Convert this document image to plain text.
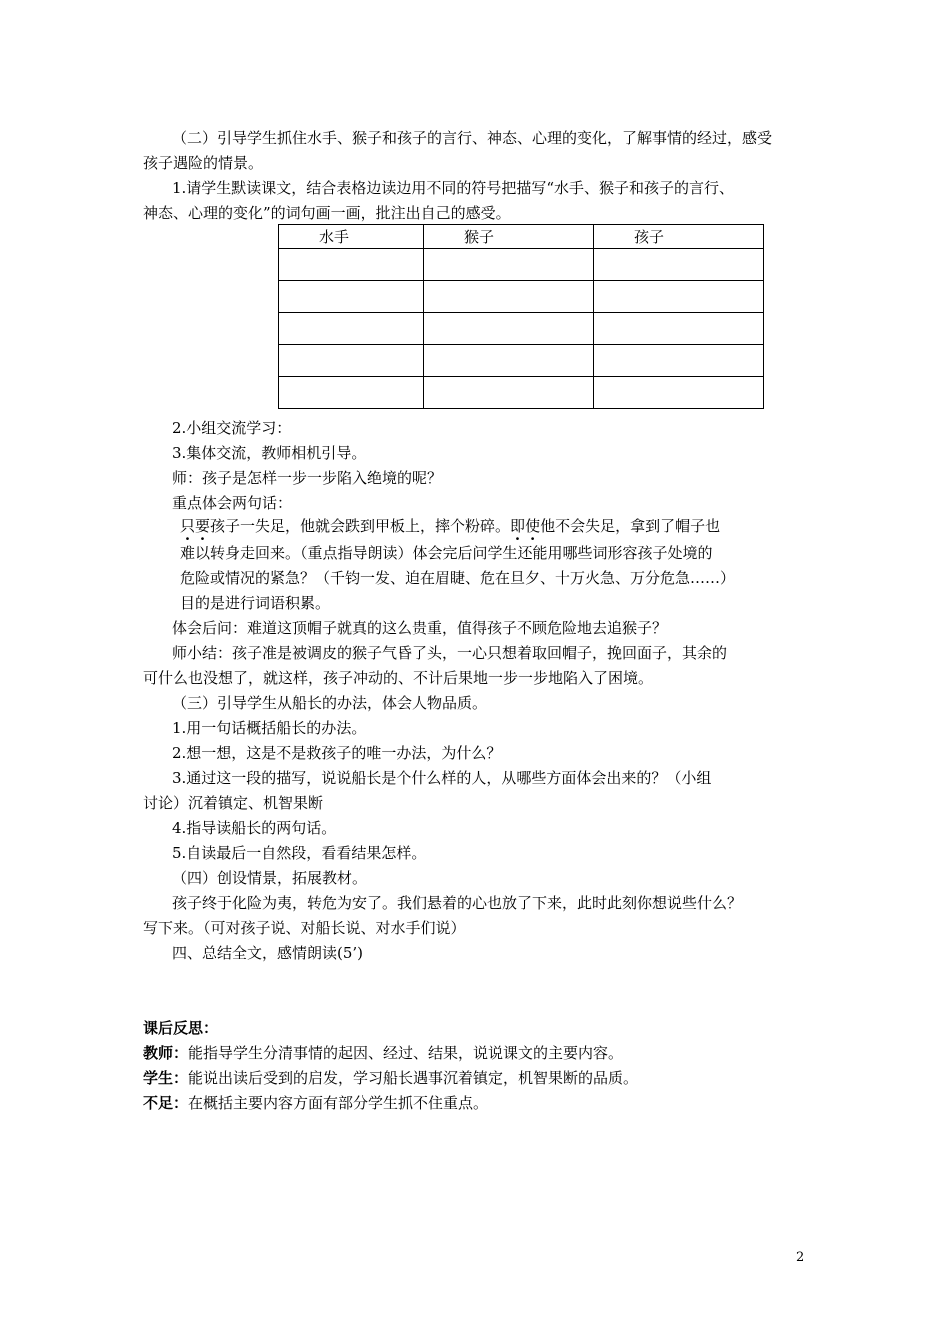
（二）引导学生抓住水手、猴子和孩子的言行、神态、心理的变化，了解事情的经过，感受
孩子遇险的情景。
1.请学生默读课文，结合表格边读边用不同的符号把描写“水手、猴子和孩子的言行、
神态、心理的变化”的词句画一画，批注出自己的感受。
水手	猴子	孩子

2.小组交流学习：
3.集体交流，教师相机引导。
师：孩子是怎样一步一步陷入绝境的呢？
重点体会两句话：
只要孩子一失足，他就会跌到甲板上，摔个粉碎。即使他不会失足，拿到了帽子也
难以转身走回来。（重点指导朗读）体会完后问学生还能用哪些词形容孩子处境的
危险或情况的紧急？（千钧一发、迫在眉睫、危在旦夕、十万火急、万分危急……）
目的是进行词语积累。
体会后问：难道这顶帽子就真的这么贵重，值得孩子不顾危险地去追猴子？
师小结：孩子准是被调皮的猴子气昏了头，一心只想着取回帽子，挽回面子，其余的
可什么也没想了，就这样，孩子冲动的、不计后果地一步一步地陷入了困境。
（三）引导学生从船长的办法，体会人物品质。
1.用一句话概括船长的办法。
2.想一想，这是不是救孩子的唯一办法，为什么？
3.通过这一段的描写，说说船长是个什么样的人，从哪些方面体会出来的？（小组
讨论）沉着镇定、机智果断
4.指导读船长的两句话。
5.自读最后一自然段，看看结果怎样。
（四）创设情景，拓展教材。
孩子终于化险为夷，转危为安了。我们悬着的心也放了下来，此时此刻你想说些什么？
写下来。（可对孩子说、对船长说、对水手们说）
四、总结全文，感情朗读(5’)
课后反思：
教师：能指导学生分清事情的起因、经过、结果，说说课文的主要内容。
学生：能说出读后受到的启发，学习船长遇事沉着镇定，机智果断的品质。
不足：在概括主要内容方面有部分学生抓不住重点。
2
